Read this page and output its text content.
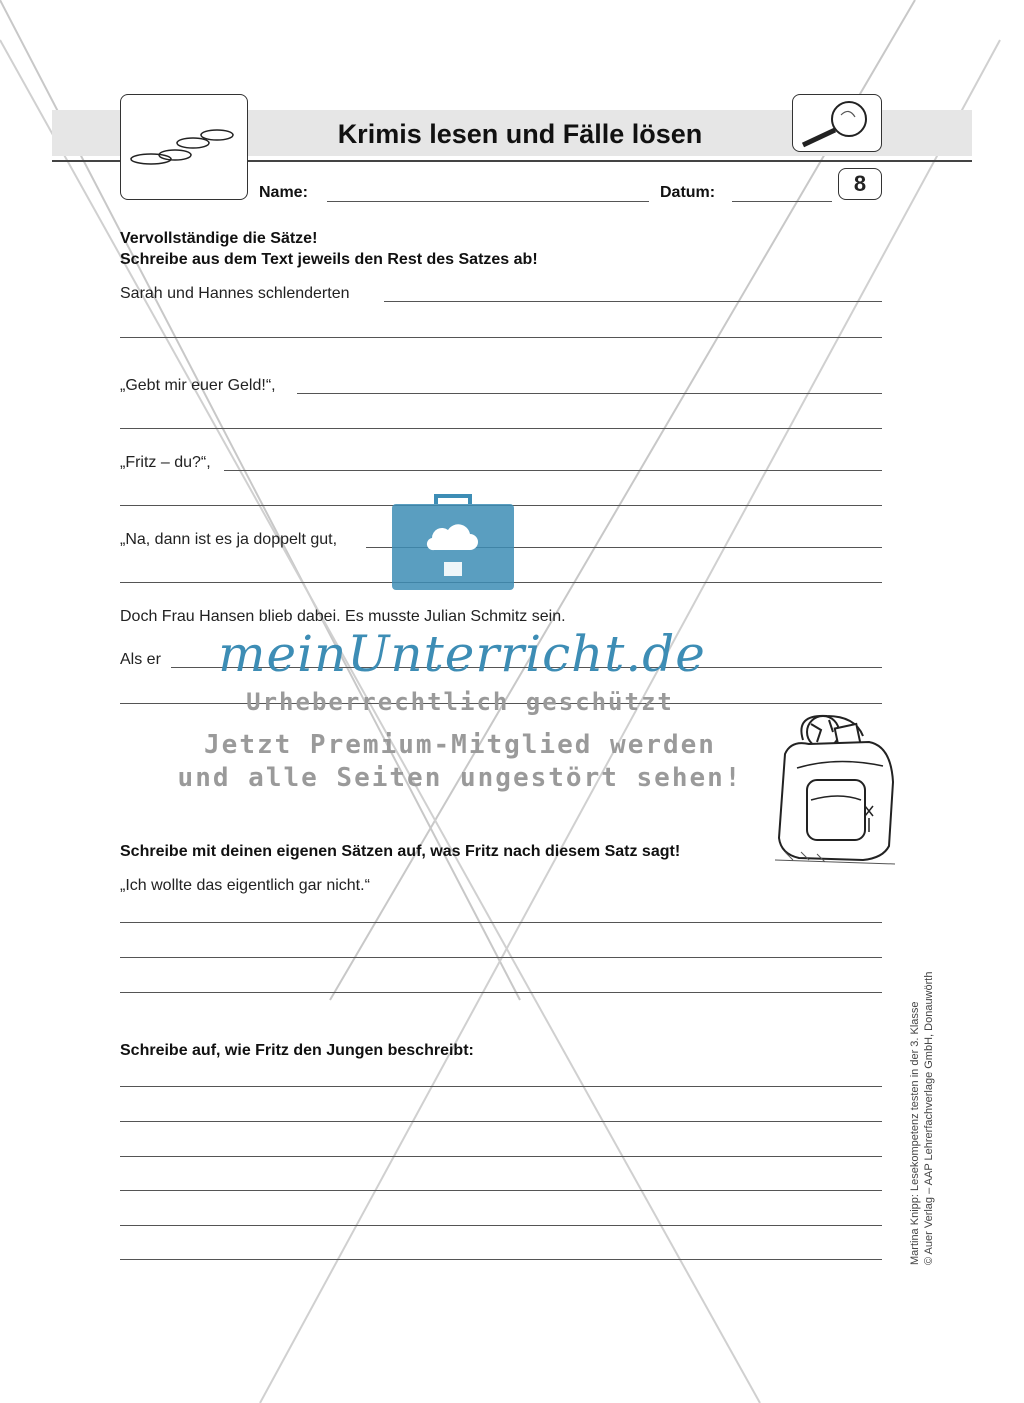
Krimis lesen und Fälle lösen
8
Name:	Datum:
Vervollständige die Sätze!
Schreibe aus dem Text jeweils den Rest des Satzes ab!
Sarah und Hannes schlenderten
„Gebt mir euer Geld!“,
„Fritz – du?“,
„Na, dann ist es ja doppelt gut,
Doch Frau Hansen blieb dabei. Es musste Julian Schmitz sein.
Als er meinUnterricht.de
Urheberrechtlich geschützt
Jetzt Premium-Mitglied werden
und alle Seiten ungestört sehen!
Schreibe mit deinen eigenen Sätzen auf, was Fritz nach diesem Satz sagt!
„Ich wollte das eigentlich gar nicht.“
Schreibe auf, wie Fritz den Jungen beschreibt:	Martina Knipp: Lesekompetenz testen in der 3. Klasse © Auer Verlag – AAP Lehrerfachverlage GmbH, Donauwörth
